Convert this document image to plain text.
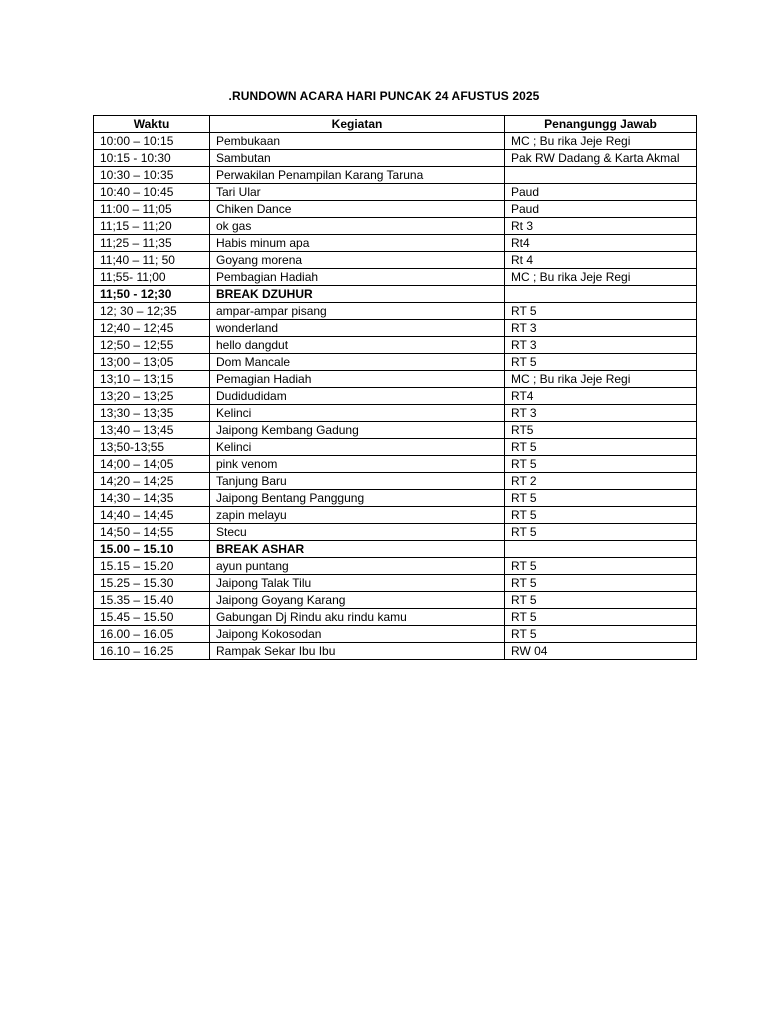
.RUNDOWN ACARA HARI PUNCAK 24 AFUSTUS 2025
Waktu	Kegiatan	Penangungg Jawab
10:00 – 10:15	Pembukaan	MC ; Bu rika Jeje Regi
10:15 - 10:30	Sambutan	Pak RW Dadang & Karta Akmal
10:30 – 10:35	Perwakilan Penampilan Karang Taruna	
10:40 – 10:45	Tari Ular	Paud
11:00 – 11;05	Chiken Dance	Paud
11;15 – 11;20	ok gas	Rt 3
11;25 – 11;35	Habis minum apa	Rt4
11;40 – 11; 50	Goyang morena	Rt 4
11;55- 11;00	Pembagian Hadiah	MC ; Bu rika Jeje Regi
11;50 - 12;30	BREAK DZUHUR	
12; 30 – 12;35	ampar-ampar pisang	RT 5
12;40 – 12;45	wonderland	RT 3
12;50 – 12;55	hello dangdut	RT 3
13;00 – 13;05	Dom Mancale	RT 5
13;10 – 13;15	Pemagian Hadiah	MC ; Bu rika Jeje Regi
13;20 – 13;25	Dudidudidam	RT4
13;30 – 13;35	Kelinci	RT 3
13;40 – 13;45	Jaipong Kembang Gadung	RT5
13;50-13;55	Kelinci	RT 5
14;00 – 14;05	pink venom	RT 5
14;20 – 14;25	Tanjung Baru	RT 2
14;30 – 14;35	Jaipong Bentang Panggung	RT 5
14;40 – 14;45	zapin melayu	RT 5
14;50 – 14;55	Stecu	RT 5
15.00 – 15.10	BREAK ASHAR	
15.15 – 15.20	ayun puntang	RT 5
15.25 – 15.30	Jaipong Talak Tilu	RT 5
15.35 – 15.40	Jaipong Goyang Karang	RT 5
15.45 – 15.50	Gabungan Dj Rindu aku rindu kamu	RT 5
16.00 – 16.05	Jaipong Kokosodan	RT 5
16.10 – 16.25	Rampak Sekar Ibu Ibu	RW 04
